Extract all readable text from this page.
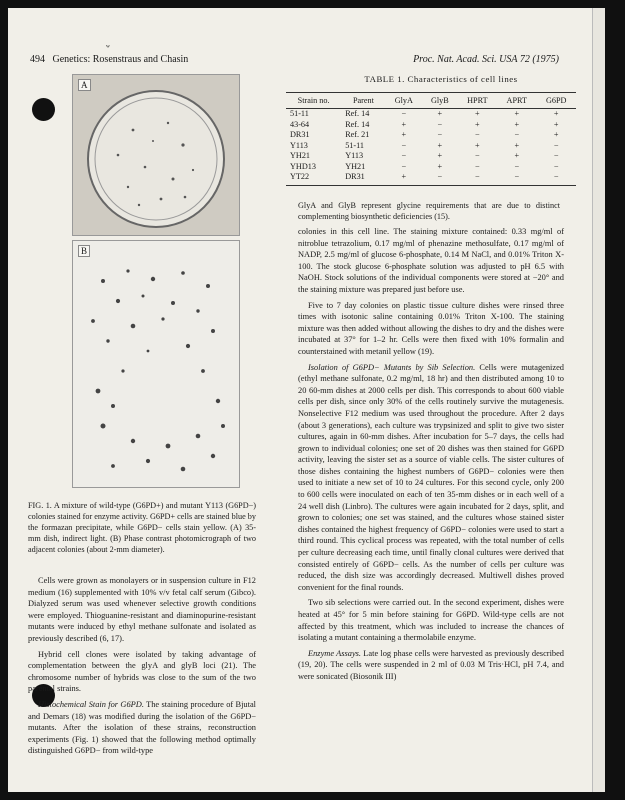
ʷ
494 Genetics: Rosenstraus and Chasin	Proc. Nat. Acad. Sci. USA 72 (1975)
A
B
FIG. 1. A mixture of wild-type (G6PD+) and mutant Y113 (G6PD−) colonies stained for enzyme activity. G6PD+ cells are stained blue by the formazan precipitate, while G6PD− cells stain yellow. (A) 35-mm dish, indirect light. (B) Phase contrast photomicrograph of two adjacent colonies (about 2-mm diameter).

Cells were grown as monolayers or in suspension culture in F12 medium (16) supplemented with 10% v/v fetal calf serum (Gibco). Dialyzed serum was used whenever selective growth conditions were employed. Thioguanine-resistant and diaminopurine-resistant mutants were induced by ethyl methane sulfonate and isolated as previously described (6, 17).

Hybrid cell clones were isolated by taking advantage of complementation between the glyA and glyB loci (21). The chromosome number of hybrids was close to the sum of the two parental strains.

Histochemical Stain for G6PD. The staining procedure of Bjutal and Demars (18) was modified during the isolation of the G6PD− mutants. After the isolation of these strains, reconstruction experiments (Fig. 1) showed that the following method optimally distinguished G6PD− from wild-type

TABLE 1. Characteristics of cell lines
Strain no.	Parent	GlyA	GlyB	HPRT	APRT	G6PD
51-11	Ref. 14	−	+	+	+	+
43-64	Ref. 14	+	−	+	+	+
DR31	Ref. 21	+	−	−	−	+
Y113	51-11	−	+	+	+	−
YH21	Y113	−	+	−	+	−
YHD13	YH21	−	+	−	−	−
YT22	DR31	+	−	−	−	−
GlyA and GlyB represent glycine requirements that are due to distinct complementing biosynthetic deficiencies (15).

colonies in this cell line. The staining mixture contained: 0.33 mg/ml of nitroblue tetrazolium, 0.17 mg/ml of phenazine methosulfate, 0.17 mg/ml of NADP, 2.5 mg/ml of glucose 6-phosphate, 0.14 M NaCl, and 0.01% Triton X-100. The stock glucose 6-phosphate solution was adjusted to pH 6.5 with NaOH. Stock solutions of the individual components were stored at −20° and the staining mixture was prepared just before use.

Five to 7 day colonies on plastic tissue culture dishes were rinsed three times with isotonic saline containing 0.01% Triton X-100. The staining mixture was then added without allowing the dishes to dry and the dishes were incubated at 37° for 1–2 hr. Cells were then fixed with 10% formalin and counterstained with metanil yellow (19).

Isolation of G6PD− Mutants by Sib Selection. Cells were mutagenized (ethyl methane sulfonate, 0.2 mg/ml, 18 hr) and then distributed among 10 to 20 60-mm dishes at 2000 cells per dish. This corresponds to about 600 viable cells per dish, since only 30% of the cells routinely survive the mutagenesis. Nonselective F12 medium was used throughout the procedure. After 2 days (about 3 generations), each culture was trypsinized and split to give two sister cultures, again in 60-mm dishes. After incubation for 5–7 days, the cells had grown to individual colonies; one set of 20 dishes was then stained for G6PD activity, leaving the sister set as a source of viable cells. The sister cultures of those dishes containing the highest numbers of G6PD− colonies were then used to initiate a new set of 10 to 24 cultures. For this second cycle, only 200 to 600 cells were inoculated on each of ten 35-mm dishes or in each well of a 24 well dish (Linbro). The cultures were again incubated for 2 days, split, and grown to colonies; one set was stained, and the cultures whose stained sister dishes contained the highest frequency of G6PD− colonies were used to start a third round. This cyclical process was repeated, with the total number of cells per culture decreasing each time, until finally clonal cultures were derived that consisted entirely of G6PD− cells. As the number of cells per culture was reduced, the dish size was accordingly decreased. Multiwell dishes proved convenient for the final rounds.

Two sib selections were carried out. In the second experiment, dishes were heated at 45° for 5 min before staining for G6PD. Wild-type cells are not affected by this treatment, which was included to increase the chances of isolating a mutant containing a thermolabile enzyme.

Enzyme Assays. Late log phase cells were harvested as previously described (19, 20). The cells were suspended in 2 ml of 0.03 M Tris·HCl, pH 7.4, and were sonicated (Biosonik III)
